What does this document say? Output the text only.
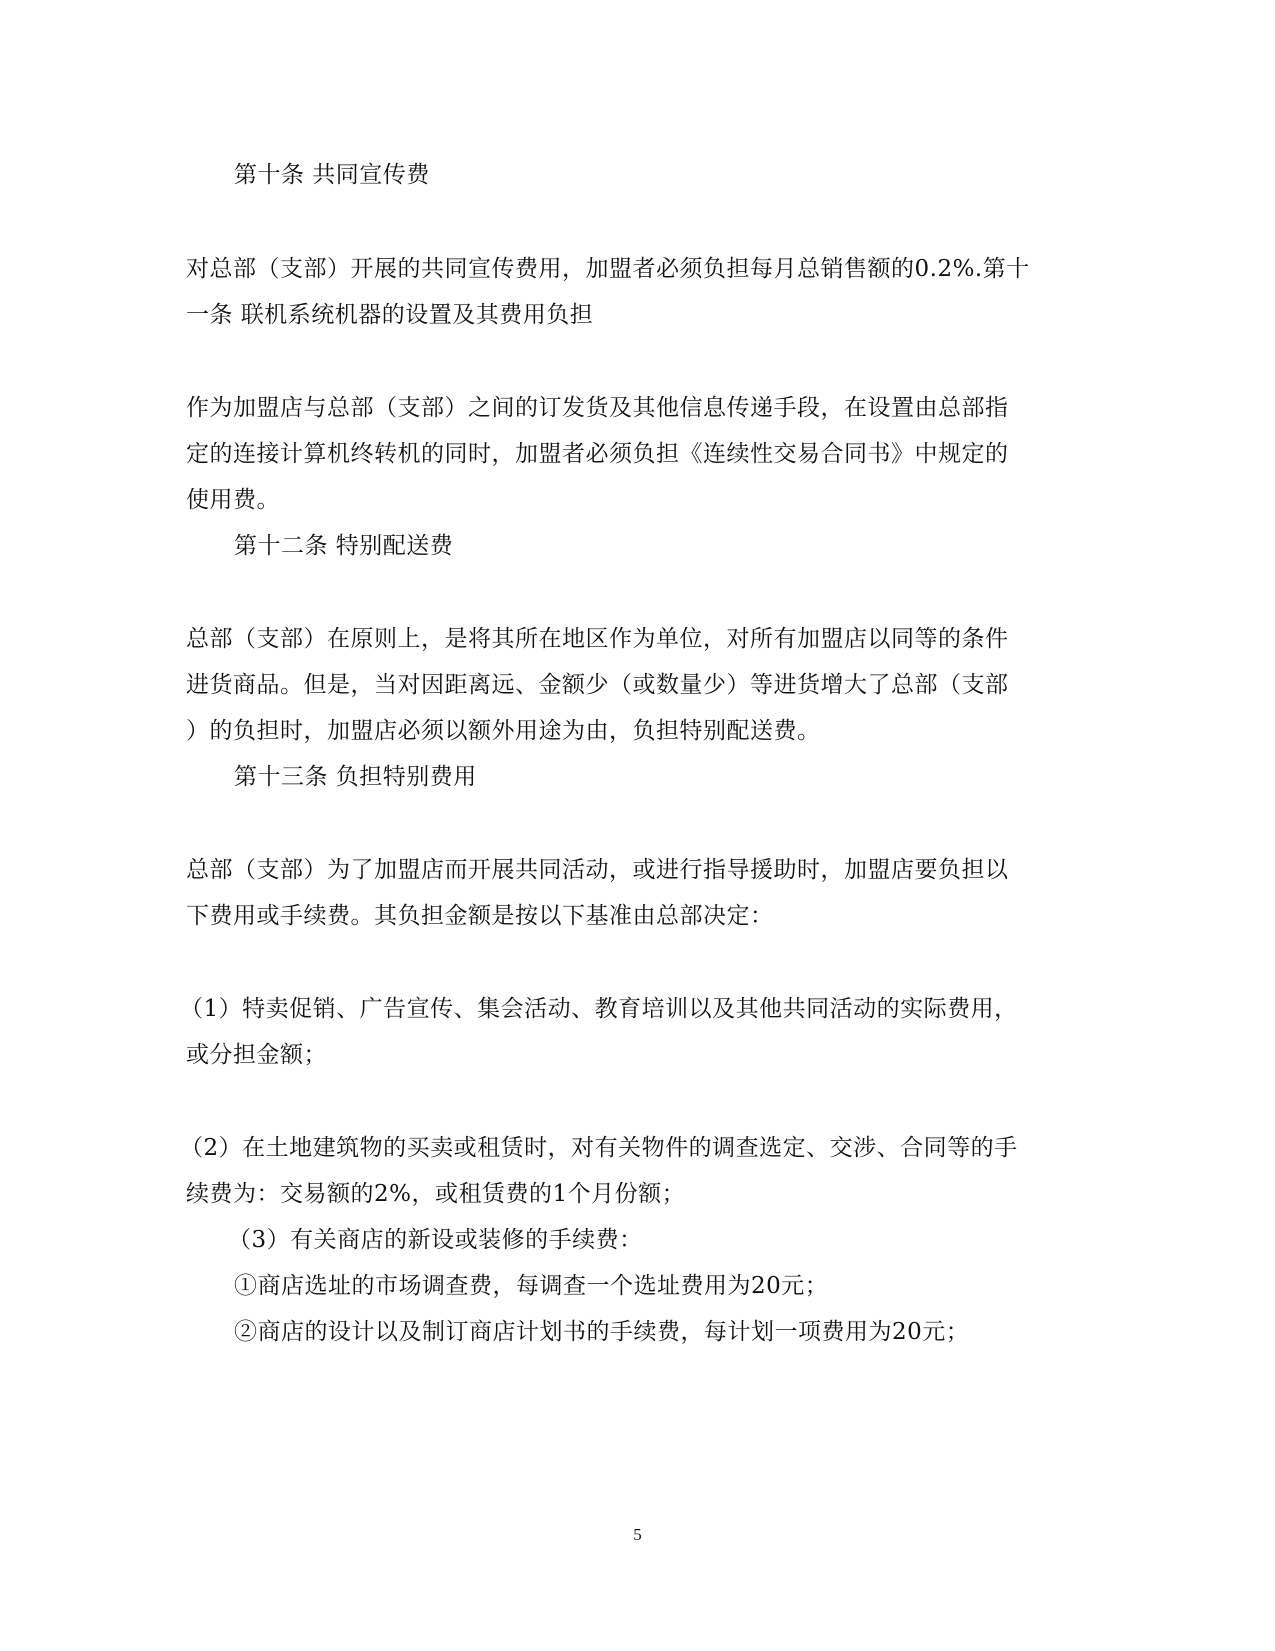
第十条 共同宣传费
对总部（支部）开展的共同宣传费用，加盟者必须负担每月总销售额的0.2%.第十
一条 联机系统机器的设置及其费用负担
作为加盟店与总部（支部）之间的订发货及其他信息传递手段，在设置由总部指
定的连接计算机终转机的同时，加盟者必须负担《连续性交易合同书》中规定的
使用费。
第十二条 特别配送费
总部（支部）在原则上，是将其所在地区作为单位，对所有加盟店以同等的条件
进货商品。但是，当对因距离远、金额少（或数量少）等进货增大了总部（支部
）的负担时，加盟店必须以额外用途为由，负担特别配送费。
第十三条 负担特别费用
总部（支部）为了加盟店而开展共同活动，或进行指导援助时，加盟店要负担以
下费用或手续费。其负担金额是按以下基准由总部决定：
（1）特卖促销、广告宣传、集会活动、教育培训以及其他共同活动的实际费用，
或分担金额；
（2）在土地建筑物的买卖或租赁时，对有关物件的调查选定、交涉、合同等的手
续费为：交易额的2%，或租赁费的1个月份额；
（3）有关商店的新设或装修的手续费：
①商店选址的市场调查费，每调查一个选址费用为20元；
②商店的设计以及制订商店计划书的手续费，每计划一项费用为20元；
5
